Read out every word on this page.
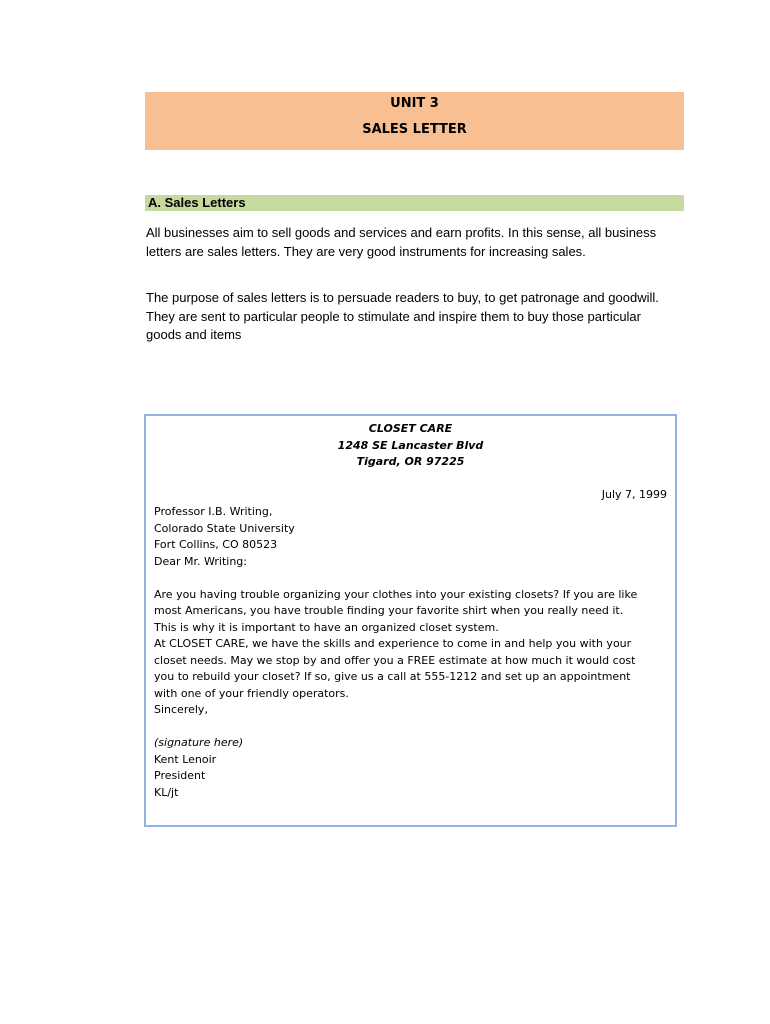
UNIT 3
SALES LETTER
A. Sales Letters

All businesses aim to sell goods and services and earn profits. In this sense, all business letters are sales letters. They are very good instruments for increasing sales.

The purpose of sales letters is to persuade readers to buy, to get patronage and goodwill. They are sent to particular people to stimulate and inspire them to buy those particular goods and items

CLOSET CARE
1248 SE Lancaster Blvd
Tigard, OR 97225
July 7, 1999
Professor I.B. Writing,
Colorado State University
Fort Collins, CO 80523
Dear Mr. Writing:
Are you having trouble organizing your clothes into your existing closets? If you are like
most Americans, you have trouble finding your favorite shirt when you really need it.
This is why it is important to have an organized closet system.
At CLOSET CARE, we have the skills and experience to come in and help you with your
closet needs. May we stop by and offer you a FREE estimate at how much it would cost
you to rebuild your closet? If so, give us a call at 555-1212 and set up an appointment
with one of your friendly operators.
Sincerely,
(signature here)
Kent Lenoir
President
KL/jt
